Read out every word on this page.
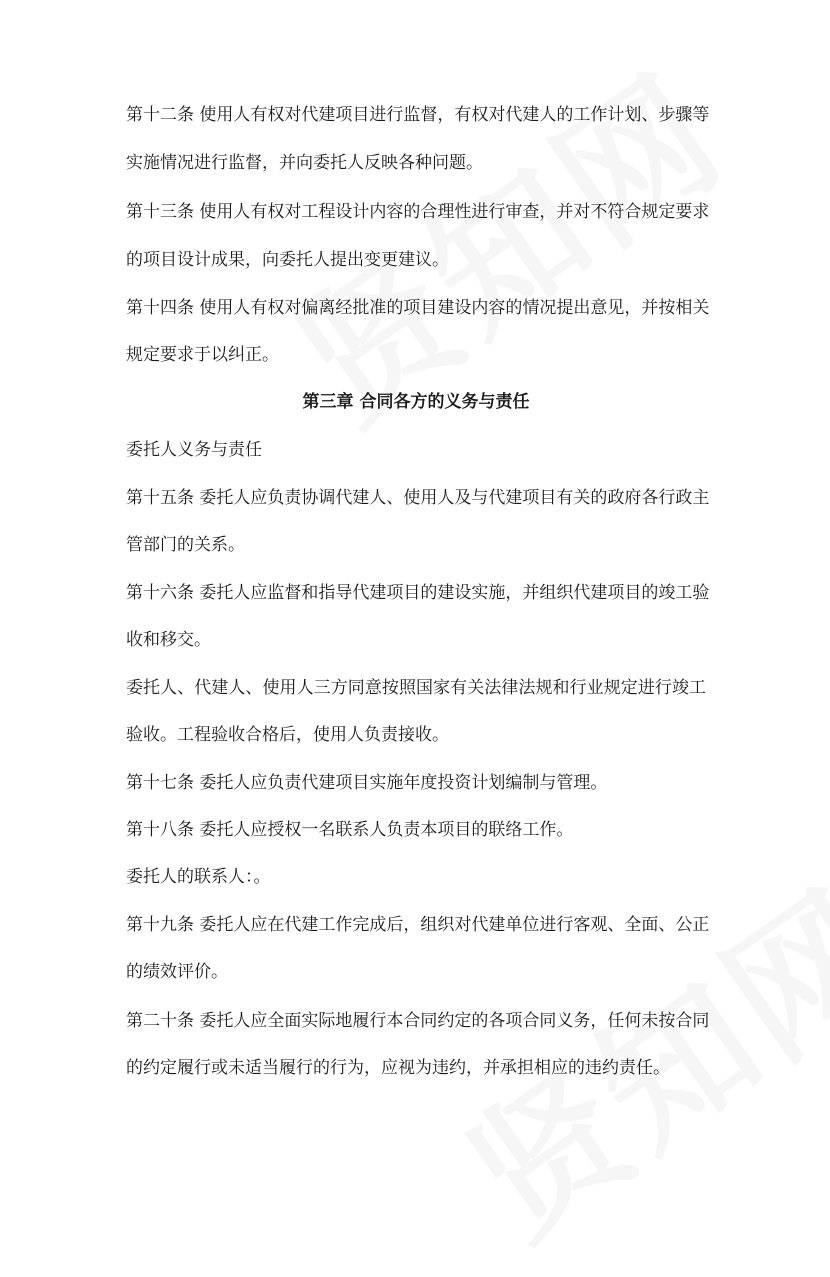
第十二条 使用人有权对代建项目进行监督，有权对代建人的工作计划、步骤等
实施情况进行监督，并向委托人反映各种问题。
第十三条 使用人有权对工程设计内容的合理性进行审查，并对不符合规定要求
的项目设计成果，向委托人提出变更建议。
第十四条 使用人有权对偏离经批准的项目建设内容的情况提出意见，并按相关
规定要求于以纠正。
第三章 合同各方的义务与责任
委托人义务与责任
第十五条 委托人应负责协调代建人、使用人及与代建项目有关的政府各行政主
管部门的关系。
第十六条 委托人应监督和指导代建项目的建设实施，并组织代建项目的竣工验
收和移交。
委托人、代建人、使用人三方同意按照国家有关法律法规和行业规定进行竣工
验收。工程验收合格后，使用人负责接收。
第十七条 委托人应负责代建项目实施年度投资计划编制与管理。
第十八条 委托人应授权一名联系人负责本项目的联络工作。
委托人的联系人：。
第十九条 委托人应在代建工作完成后，组织对代建单位进行客观、全面、公正
的绩效评价。
第二十条 委托人应全面实际地履行本合同约定的各项合同义务，任何未按合同
的约定履行或未适当履行的行为，应视为违约，并承担相应的违约责任。
